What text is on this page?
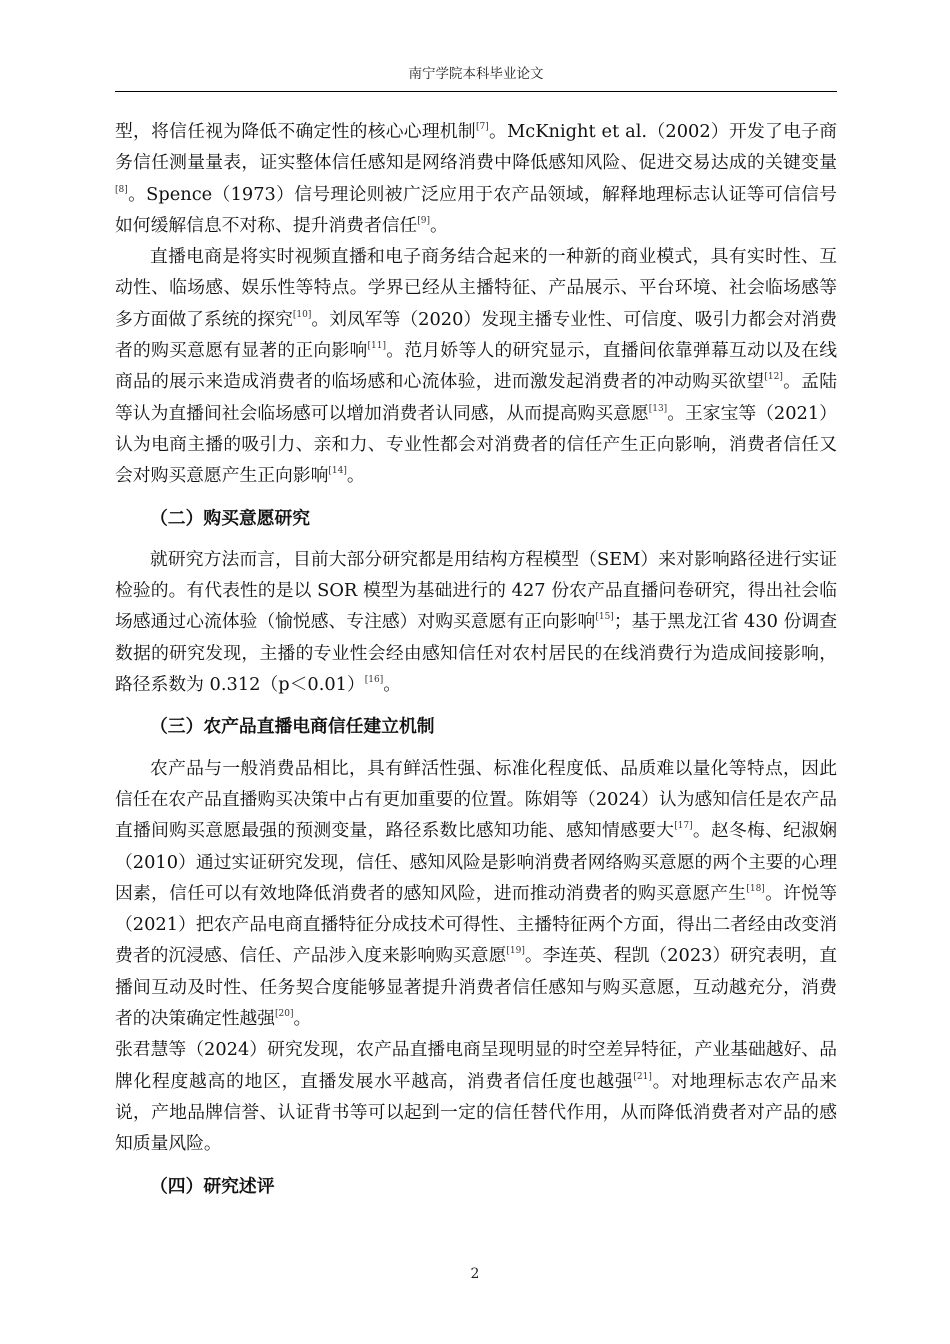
南宁学院本科毕业论文

型，将信任视为降低不确定性的核心心理机制[7]。McKnight et al.（2002）开发了电子商务信任测量量表，证实整体信任感知是网络消费中降低感知风险、促进交易达成的关键变量[8]。Spence（1973）信号理论则被广泛应用于农产品领域，解释地理标志认证等可信信号如何缓解信息不对称、提升消费者信任[9]。

直播电商是将实时视频直播和电子商务结合起来的一种新的商业模式，具有实时性、互动性、临场感、娱乐性等特点。学界已经从主播特征、产品展示、平台环境、社会临场感等多方面做了系统的探究[10]。刘凤军等（2020）发现主播专业性、可信度、吸引力都会对消费者的购买意愿有显著的正向影响[11]。范月娇等人的研究显示，直播间依靠弹幕互动以及在线商品的展示来造成消费者的临场感和心流体验，进而激发起消费者的冲动购买欲望[12]。孟陆等认为直播间社会临场感可以增加消费者认同感，从而提高购买意愿[13]。王家宝等（2021）认为电商主播的吸引力、亲和力、专业性都会对消费者的信任产生正向影响，消费者信任又会对购买意愿产生正向影响[14]。

（二）购买意愿研究

就研究方法而言，目前大部分研究都是用结构方程模型（SEM）来对影响路径进行实证检验的。有代表性的是以 SOR 模型为基础进行的 427 份农产品直播问卷研究，得出社会临场感通过心流体验（愉悦感、专注感）对购买意愿有正向影响[15]；基于黑龙江省 430 份调查数据的研究发现，主播的专业性会经由感知信任对农村居民的在线消费行为造成间接影响，路径系数为 0.312（p＜0.01）[16]。

（三）农产品直播电商信任建立机制

农产品与一般消费品相比，具有鲜活性强、标准化程度低、品质难以量化等特点，因此信任在农产品直播购买决策中占有更加重要的位置。陈娟等（2024）认为感知信任是农产品直播间购买意愿最强的预测变量，路径系数比感知功能、感知情感要大[17]。赵冬梅、纪淑娴（2010）通过实证研究发现，信任、感知风险是影响消费者网络购买意愿的两个主要的心理因素，信任可以有效地降低消费者的感知风险，进而推动消费者的购买意愿产生[18]。许悦等（2021）把农产品电商直播特征分成技术可得性、主播特征两个方面，得出二者经由改变消费者的沉浸感、信任、产品涉入度来影响购买意愿[19]。李连英、程凯（2023）研究表明，直播间互动及时性、任务契合度能够显著提升消费者信任感知与购买意愿，互动越充分，消费者的决策确定性越强[20]。

张君慧等（2024）研究发现，农产品直播电商呈现明显的时空差异特征，产业基础越好、品牌化程度越高的地区，直播发展水平越高，消费者信任度也越强[21]。对地理标志农产品来说，产地品牌信誉、认证背书等可以起到一定的信任替代作用，从而降低消费者对产品的感知质量风险。

（四）研究述评
2
